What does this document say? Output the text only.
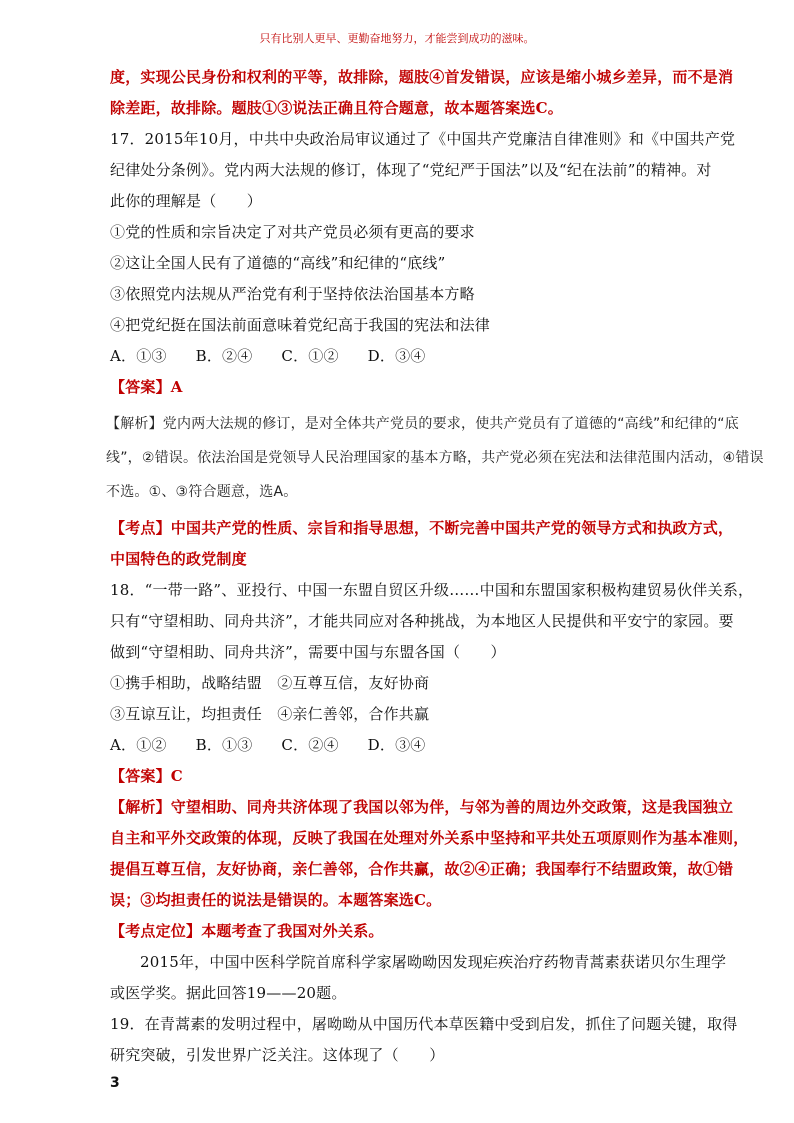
只有比别人更早、更勤奋地努力，才能尝到成功的滋味。
度，实现公民身份和权利的平等，故排除，题肢④首发错误，应该是缩小城乡差异，而不是消
除差距，故排除。题肢①③说法正确且符合题意，故本题答案选C。
17．2015年10月，中共中央政治局审议通过了《中国共产党廉洁自律准则》和《中国共产党
纪律处分条例》。党内两大法规的修订，体现了“党纪严于国法”以及“纪在法前”的精神。对
此你的理解是（　　）
①党的性质和宗旨决定了对共产党员必须有更高的要求
②这让全国人民有了道德的“高线”和纪律的“底线”
③依照党内法规从严治党有利于坚持依法治国基本方略
④把党纪挺在国法前面意味着党纪高于我国的宪法和法律
A．①③ B．②④ C．①② D．③④
【答案】A
【解析】党内两大法规的修订，是对全体共产党员的要求，使共产党员有了道德的“高线”和纪律的“底
线”，②错误。依法治国是党领导人民治理国家的基本方略，共产党必须在宪法和法律范围内活动，④错误
不选。①、③符合题意，选A。
【考点】中国共产党的性质、宗旨和指导思想，不断完善中国共产党的领导方式和执政方式，
中国特色的政党制度
18．“一带一路”、亚投行、中国一东盟自贸区升级……中国和东盟国家积极构建贸易伙伴关系，
只有“守望相助、同舟共济”，才能共同应对各种挑战，为本地区人民提供和平安宁的家园。要
做到“守望相助、同舟共济”，需要中国与东盟各国（　　）
①携手相助，战略结盟　②互尊互信，友好协商
③互谅互让，均担责任　④亲仁善邻，合作共赢
A．①② B．①③ C．②④ D．③④
【答案】C
【解析】守望相助、同舟共济体现了我国以邻为伴，与邻为善的周边外交政策，这是我国独立
自主和平外交政策的体现，反映了我国在处理对外关系中坚持和平共处五项原则作为基本准则，
提倡互尊互信，友好协商，亲仁善邻，合作共赢，故②④正确；我国奉行不结盟政策，故①错
误；③均担责任的说法是错误的。本题答案选C。
【考点定位】本题考查了我国对外关系。
2015年，中国中医科学院首席科学家屠呦呦因发现疟疾治疗药物青蒿素获诺贝尔生理学
或医学奖。据此回答19——20题。
19．在青蒿素的发明过程中，屠呦呦从中国历代本草医籍中受到启发，抓住了问题关键，取得
研究突破，引发世界广泛关注。这体现了（　　）
3
